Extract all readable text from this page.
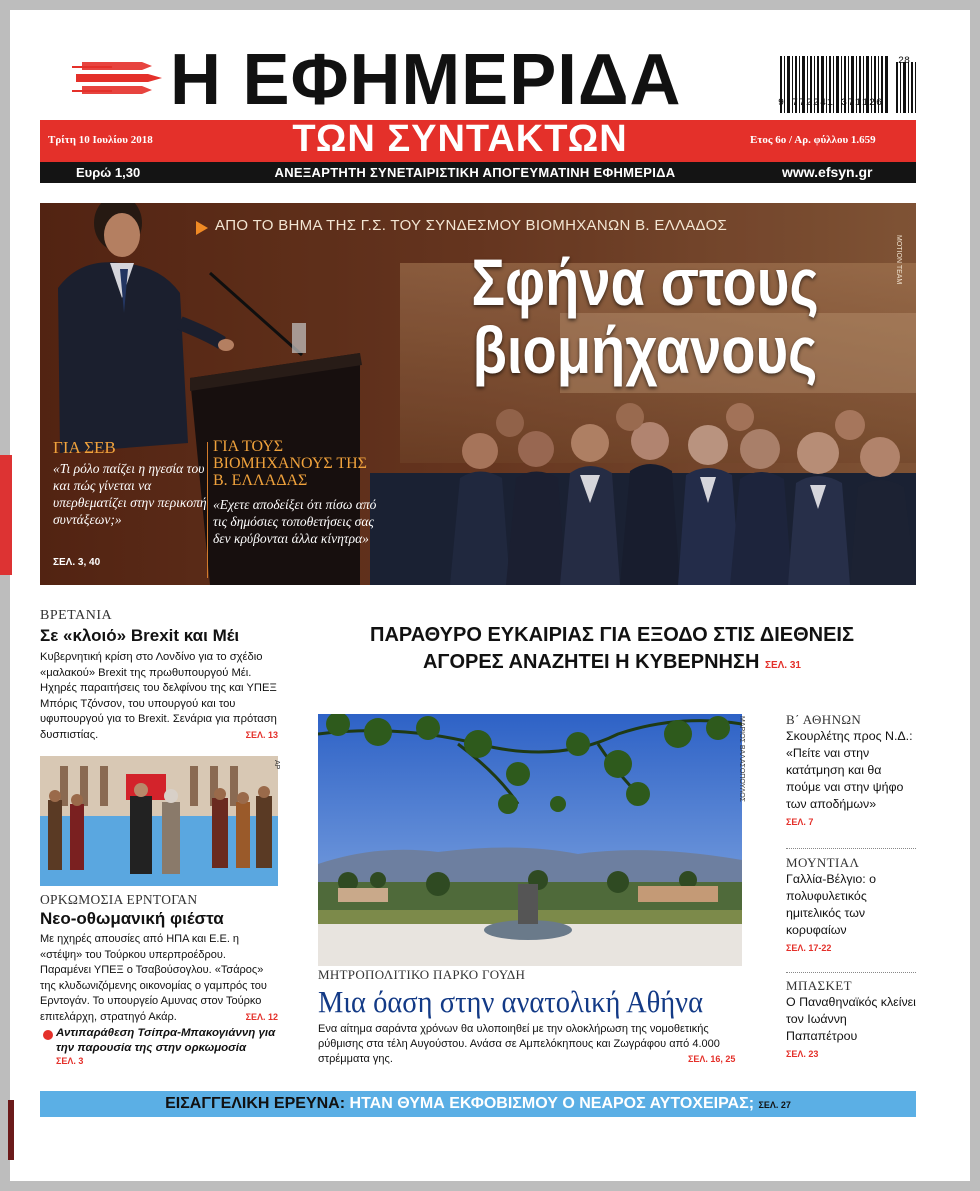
Η ΕΦΗΜΕΡΙΔΑ	9 772241 371126
28
Τρίτη 10 Ιουλίου 2018	ΤΩΝ ΣΥΝΤΑΚΤΩΝ	Ετος 6ο / Αρ. φύλλου 1.659
Ευρώ 1,30	ΑΝΕΞΑΡΤΗΤΗ ΣΥΝΕΤΑΙΡΙΣΤΙΚΗ ΑΠΟΓΕΥΜΑΤΙΝΗ ΕΦΗΜΕΡΙΔΑ	www.efsyn.gr
ΑΠΟ ΤΟ ΒΗΜΑ ΤΗΣ Γ.Σ. ΤΟΥ ΣΥΝΔΕΣΜΟΥ ΒΙΟΜΗΧΑΝΩΝ Β. ΕΛΛΑΔΟΣ
Σφήνα στους
βιομήχανους
MOTION TEAM
ΓΙΑ ΣΕΒ
«Τι ρόλο παίζει η ηγεσία του και πώς γίνεται να υπερθεματίζει στην περικοπή συντάξεων;»
ΣΕΛ. 3, 40
ΓΙΑ ΤΟΥΣ ΒΙΟΜΗΧΑΝΟΥΣ ΤΗΣ Β. ΕΛΛΑΔΑΣ
«Εχετε αποδείξει ότι πίσω από τις δημόσιες τοποθετήσεις σας δεν κρύβονται άλλα κίνητρα»
ΒΡΕΤΑΝΙΑ
Σε «κλοιό» Brexit και Μέι
Κυβερνητική κρίση στο Λονδίνο για το σχέδιο «μαλακού» Brexit της πρωθυπουργού Μέι. Ηχηρές παραιτήσεις του δελφίνου της και ΥΠΕΞ Μπόρις Τζόνσον, του υπουργού και του υφυπουργού για το Brexit. Σενάρια για πρόταση δυσπιστίας.	ΣΕΛ. 13
AP
ΟΡΚΩΜΟΣΙΑ ΕΡΝΤΟΓΑΝ
Νεο-οθωμανική φιέστα
Με ηχηρές απουσίες από ΗΠΑ και Ε.Ε. η «στέψη» του Τούρκου υπερπροέδρου. Παραμένει ΥΠΕΞ ο Τσαβούσογλου. «Τσάρος» της κλυδωνιζόμενης οικονομίας ο γαμπρός του Ερντογάν. Το υπουργείο Αμυνας στον Τούρκο επιτελάρχη, στρατηγό Ακάρ.	ΣΕΛ. 12
Αντιπαράθεση Τσίπρα-Μπακογιάννη για την παρουσία της στην ορκωμοσία
ΣΕΛ. 3
ΠΑΡΑΘΥΡΟ ΕΥΚΑΙΡΙΑΣ ΓΙΑ ΕΞΟΔΟ ΣΤΙΣ ΔΙΕΘΝΕΙΣ
ΑΓΟΡΕΣ ΑΝΑΖΗΤΕΙ Η ΚΥΒΕΡΝΗΣΗ ΣΕΛ. 31
ΜΑΡΙΟΣ ΒΑΛΑΣΟΠΟΥΛΟΣ
ΜΗΤΡΟΠΟΛΙΤΙΚΟ ΠΑΡΚΟ ΓΟΥΔΗ
Μια όαση στην ανατολική Αθήνα
Ενα αίτημα σαράντα χρόνων θα υλοποιηθεί με την ολοκλήρωση της νομοθετικής ρύθμισης στα τέλη Αυγούστου. Ανάσα σε Αμπελόκηπους και Ζωγράφου από 4.000 στρέμματα γης.	ΣΕΛ. 16, 25
Β΄ ΑΘΗΝΩΝ
Σκουρλέτης προς Ν.Δ.: «Πείτε ναι στην κατάτμηση και θα πούμε ναι στην ψήφο των αποδήμων»
ΣΕΛ. 7
ΜΟΥΝΤΙΑΛ
Γαλλία-Βέλγιο: ο πολυφυλετικός ημιτελικός των κορυφαίων
ΣΕΛ. 17-22
ΜΠΑΣΚΕΤ
Ο Παναθηναϊκός κλείνει τον Ιωάννη Παπαπέτρου
ΣΕΛ. 23
ΕΙΣΑΓΓΕΛΙΚΗ ΕΡΕΥΝΑ: ΗΤΑΝ ΘΥΜΑ ΕΚΦΟΒΙΣΜΟΥ Ο ΝΕΑΡΟΣ ΑΥΤΟΧΕΙΡΑΣ; ΣΕΛ. 27
